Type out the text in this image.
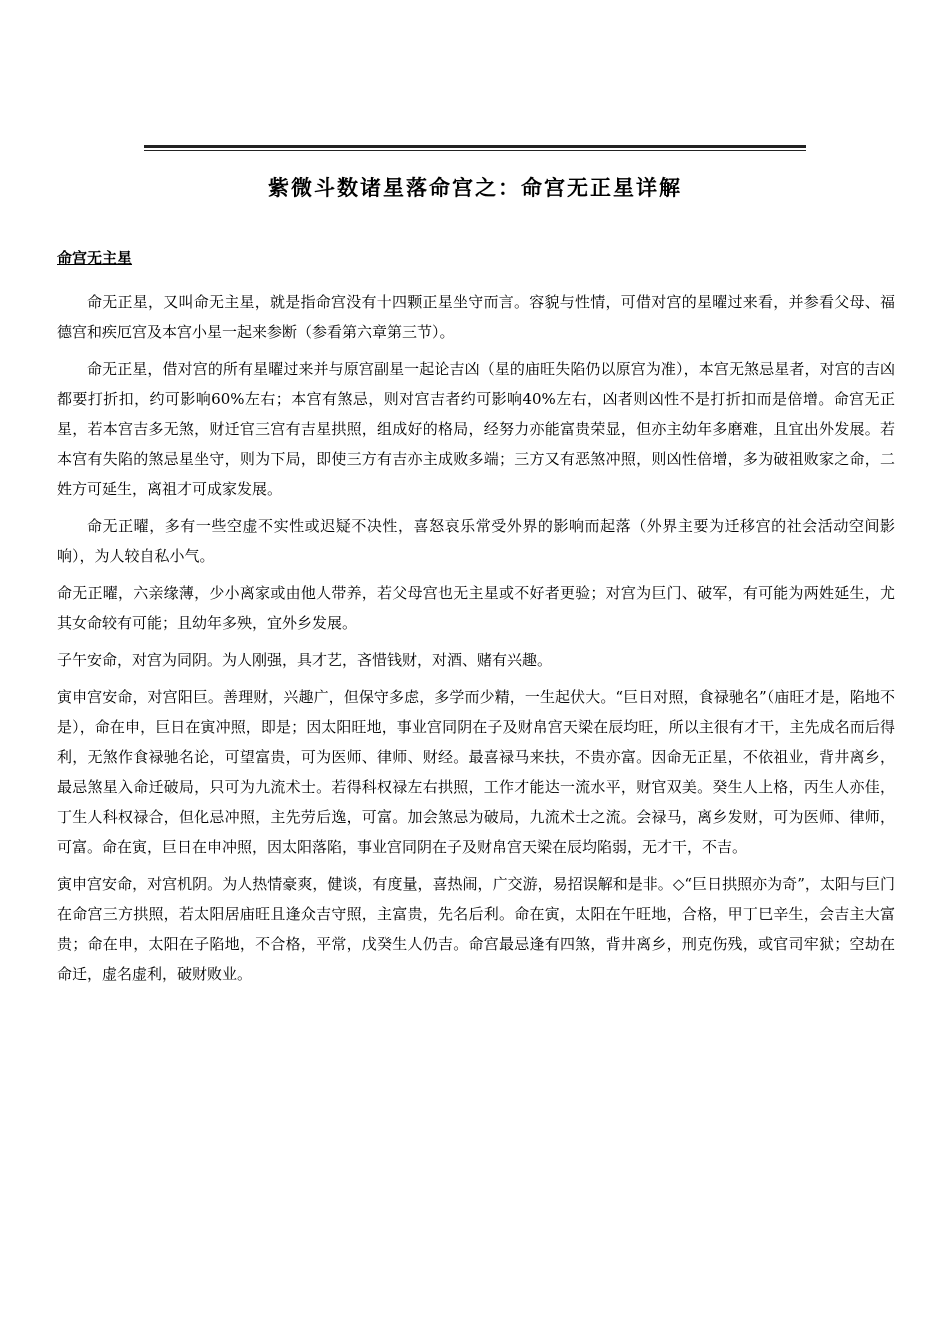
紫微斗数诸星落命宫之：命宫无正星详解
命宫无主星

命无正星，又叫命无主星，就是指命宫没有十四颗正星坐守而言。容貌与性情，可借对宫的星曜过来看，并参看父母、福德宫和疾厄宫及本宫小星一起来参断（参看第六章第三节）。

命无正星，借对宫的所有星曜过来并与原宫副星一起论吉凶（星的庙旺失陷仍以原宫为准），本宫无煞忌星者，对宫的吉凶都要打折扣，约可影响60%左右；本宫有煞忌，则对宫吉者约可影响40%左右，凶者则凶性不是打折扣而是倍增。命宫无正星，若本宫吉多无煞，财迁官三宫有吉星拱照，组成好的格局，经努力亦能富贵荣显，但亦主幼年多磨难，且宜出外发展。若本宫有失陷的煞忌星坐守，则为下局，即使三方有吉亦主成败多端；三方又有恶煞冲照，则凶性倍增，多为破祖败家之命，二姓方可延生，离祖才可成家发展。

命无正曜，多有一些空虚不实性或迟疑不决性，喜怒哀乐常受外界的影响而起落（外界主要为迁移宫的社会活动空间影响），为人较自私小气。

命无正曜，六亲缘薄，少小离家或由他人带养，若父母宫也无主星或不好者更验；对宫为巨门、破军，有可能为两姓延生，尤其女命较有可能；且幼年多殃，宜外乡发展。

子午安命，对宫为同阴。为人刚强，具才艺，吝惜钱财，对酒、赌有兴趣。

寅申宫安命，对宫阳巨。善理财，兴趣广，但保守多虑，多学而少精，一生起伏大。“巨日对照，食禄驰名”（庙旺才是，陷地不是），命在申，巨日在寅冲照，即是；因太阳旺地，事业宫同阴在子及财帛宫天梁在辰均旺，所以主很有才干，主先成名而后得利，无煞作食禄驰名论，可望富贵，可为医师、律师、财经。最喜禄马来扶，不贵亦富。因命无正星，不依祖业，背井离乡，最忌煞星入命迁破局，只可为九流术士。若得科权禄左右拱照，工作才能达一流水平，财官双美。癸生人上格，丙生人亦佳，丁生人科权禄合，但化忌冲照，主先劳后逸，可富。加会煞忌为破局，九流术士之流。会禄马，离乡发财，可为医师、律师，可富。命在寅，巨日在申冲照，因太阳落陷，事业宫同阴在子及财帛宫天梁在辰均陷弱，无才干，不吉。

寅申宫安命，对宫机阴。为人热情豪爽，健谈，有度量，喜热闹，广交游，易招误解和是非。◇“巨日拱照亦为奇”，太阳与巨门在命宫三方拱照，若太阳居庙旺且逢众吉守照，主富贵，先名后利。命在寅，太阳在午旺地，合格，甲丁巳辛生，会吉主大富贵；命在申，太阳在子陷地，不合格，平常，戊癸生人仍吉。命宫最忌逢有四煞，背井离乡，刑克伤残，或官司牢狱；空劫在命迁，虚名虚利，破财败业。
